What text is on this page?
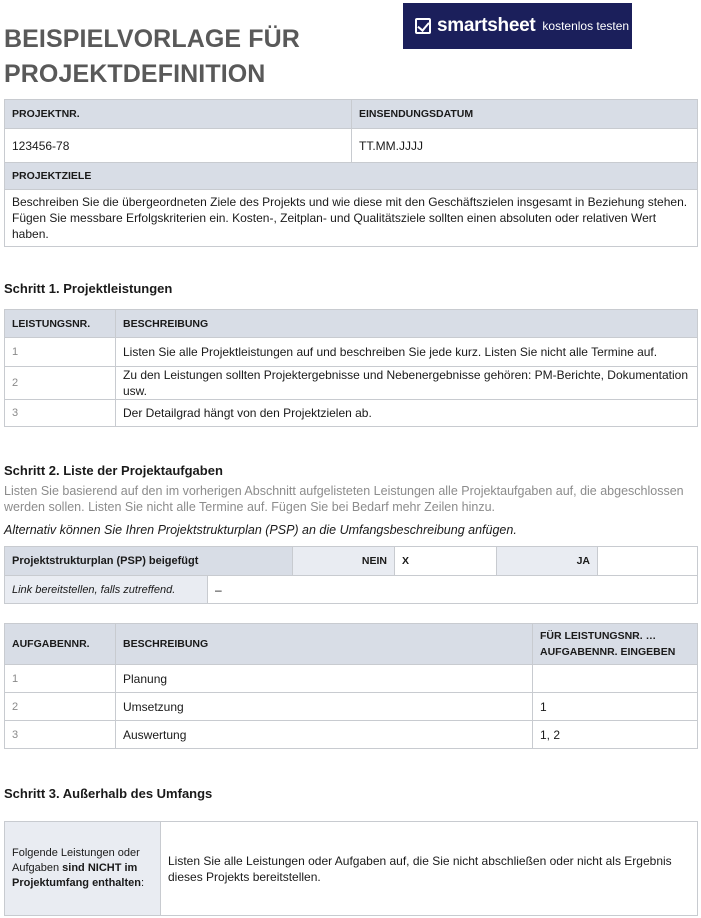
BEISPIELVORLAGE FÜR PROJEKTDEFINITION
smartsheet kostenlos testen
PROJEKTNR.	EINSENDUNGSDATUM
123456-78	TT.MM.JJJJ
PROJEKTZIELE	
Beschreiben Sie die übergeordneten Ziele des Projekts und wie diese mit den Geschäftszielen insgesamt in Beziehung stehen. Fügen Sie messbare Erfolgskriterien ein. Kosten-, Zeitplan- und Qualitätsziele sollten einen absoluten oder relativen Wert haben.	
Schritt 1. Projektleistungen
LEISTUNGSNR.	BESCHREIBUNG
1	Listen Sie alle Projektleistungen auf und beschreiben Sie jede kurz. Listen Sie nicht alle Termine auf.
2	Zu den Leistungen sollten Projektergebnisse und Nebenergebnisse gehören: PM-Berichte, Dokumentation usw.
3	Der Detailgrad hängt von den Projektzielen ab.
Schritt 2. Liste der Projektaufgaben
Listen Sie basierend auf den im vorherigen Abschnitt aufgelisteten Leistungen alle Projektaufgaben auf, die abgeschlossen werden sollen. Listen Sie nicht alle Termine auf. Fügen Sie bei Bedarf mehr Zeilen hinzu.
Alternativ können Sie Ihren Projektstrukturplan (PSP) an die Umfangsbeschreibung anfügen.
Projektstrukturplan (PSP) beigefügt		NEIN	X	JA	
Link bereitstellen, falls zutreffend.	–				
AUFGABENNR.	BESCHREIBUNG	FÜR LEISTUNGSNR. … AUFGABENNR. EINGEBEN
1	Planung	
2	Umsetzung	1
3	Auswertung	1, 2
Schritt 3. Außerhalb des Umfangs
Folgende Leistungen oder Aufgaben sind NICHT im Projektumfang enthalten:	Listen Sie alle Leistungen oder Aufgaben auf, die Sie nicht abschließen oder nicht als Ergebnis dieses Projekts bereitstellen.
